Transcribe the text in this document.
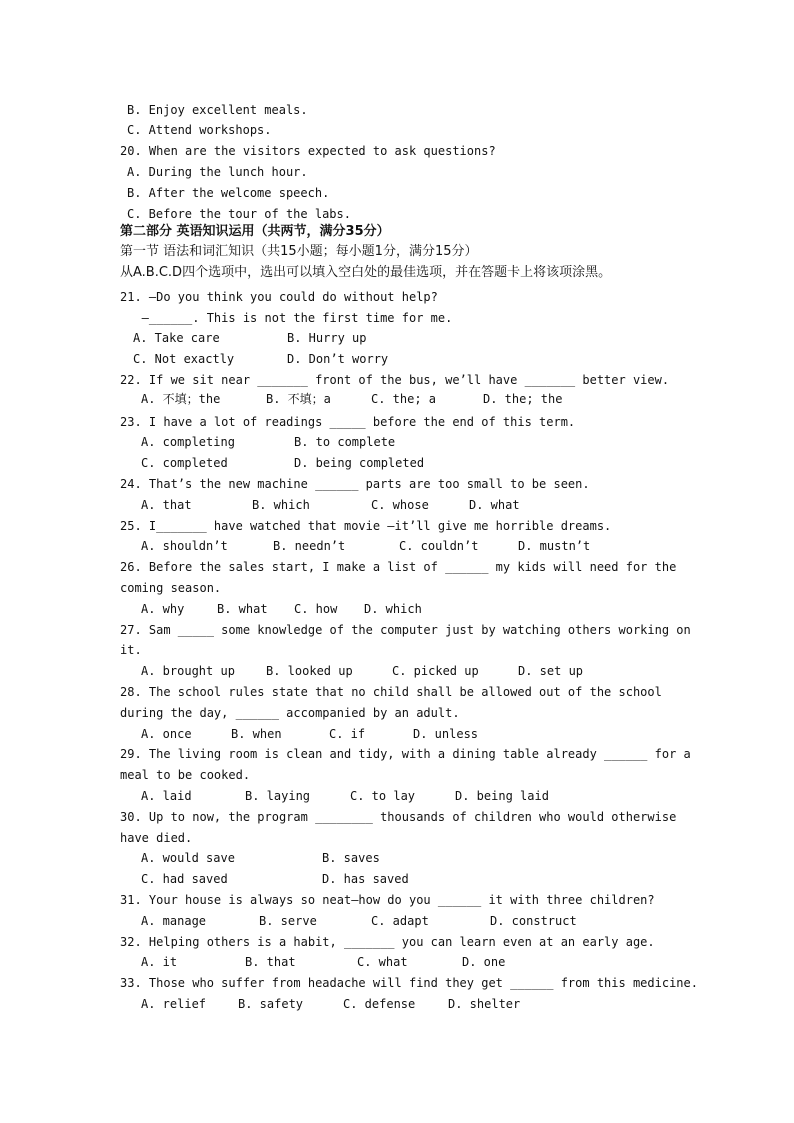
B. Enjoy excellent meals.
C. Attend workshops.
20. When are the visitors expected to ask questions?
A. During the lunch hour.
B. After the welcome speech.
C. Before the tour of the labs.
第二部分 英语知识运用（共两节，满分35分）
第一节 语法和词汇知识（共15小题；每小题1分，满分15分）
从A.B.C.D四个选项中，选出可以填入空白处的最佳选项，并在答题卡上将该项涂黑。
21. —Do you think you could do without help?
—______. This is not the first time for me.
A. Take care	B. Hurry up
C. Not exactly	D. Don’t worry
22. If we sit near _______ front of the bus, we’ll have _______ better view.
A. 不填；the	B. 不填；a	C. the; a	D. the; the
23. I have a lot of readings _____ before the end of this term.
A. completing	B. to complete
C. completed	D. being completed
24. That’s the new machine ______ parts are too small to be seen.
A. that	B. which	C. whose	D. what
25. I_______ have watched that movie —it’ll give me horrible dreams.
A. shouldn’t	B. needn’t	C. couldn’t	D. mustn’t
26. Before the sales start, I make a list of ______ my kids will need for the
coming season.
A. why	B. what C. how D. which
27. Sam _____ some knowledge of the computer just by watching others working on
it.
A. brought up	B. looked up	C. picked up	D. set up
28. The school rules state that no child shall be allowed out of the school
during the day, ______ accompanied by an adult.
A. once	B. when	C. if	D. unless
29. The living room is clean and tidy, with a dining table already ______ for a
meal to be cooked.
A. laid	B. laying	C. to lay	D. being laid
30. Up to now, the program ________ thousands of children who would otherwise
have died.
A. would save	B. saves
C. had saved	D. has saved
31. Your house is always so neat—how do you ______ it with three children?
A. manage	B. serve	C. adapt	D. construct
32. Helping others is a habit, _______ you can learn even at an early age.
A. it	B. that	C. what	D. one
33. Those who suffer from headache will find they get ______ from this medicine.
A. relief	B. safety	C. defense	D. shelter
